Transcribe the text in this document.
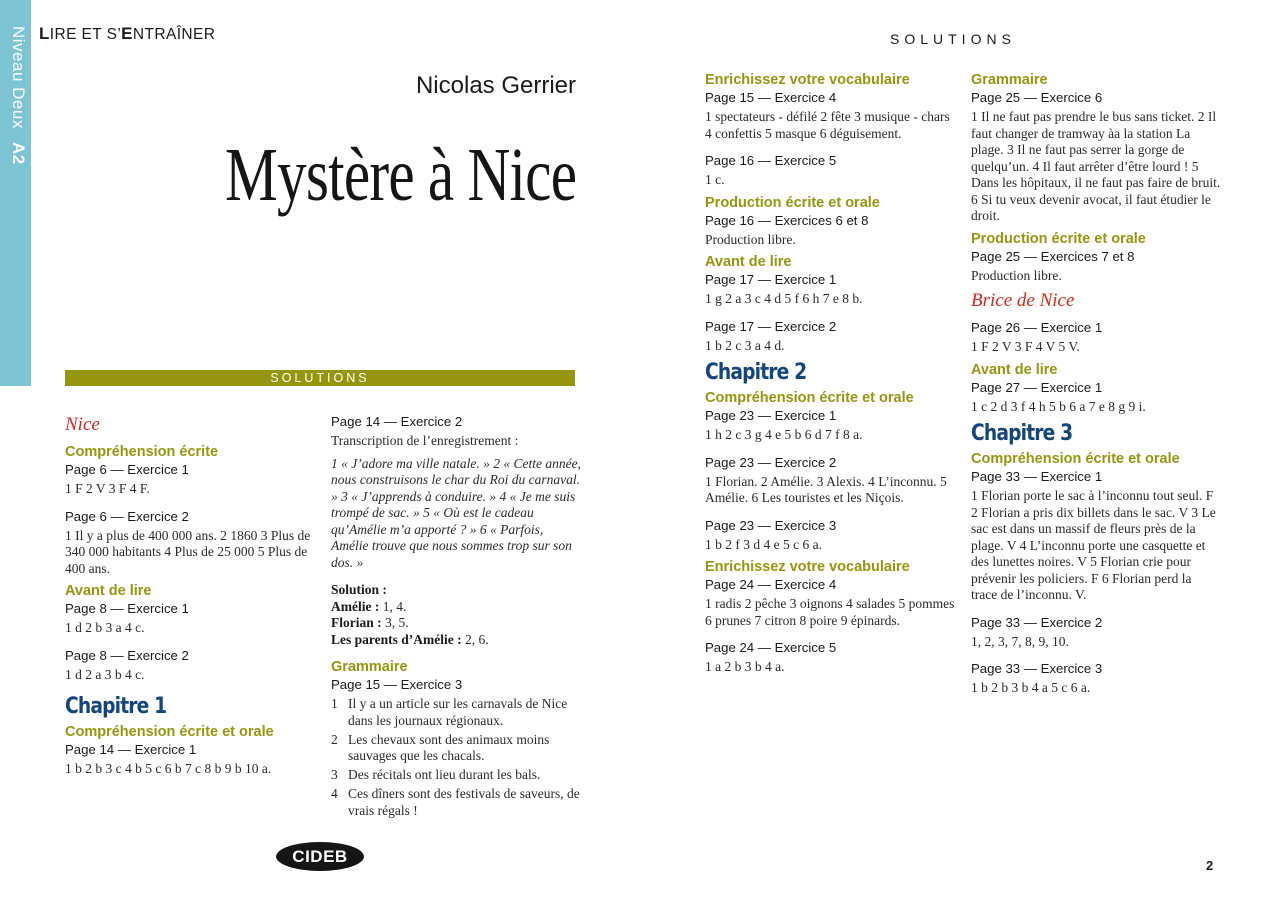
Niveau Deux A2
LIRE ET S’ENTRAÎNER
Nicolas Gerrier
Mystère à Nice
SOLUTIONS
SOLUTIONS
Nice
Compréhension écrite
Page 6 — Exercice 1
1 F 2 V 3 F 4 F.
Page 6 — Exercice 2
1 Il y a plus de 400 000 ans. 2 1860 3 Plus de 340 000 habitants 4 Plus de 25 000 5 Plus de 400 ans.
Avant de lire
Page 8 — Exercice 1
1 d 2 b 3 a 4 c.
Page 8 — Exercice 2
1 d 2 a 3 b 4 c.
Chapitre 1
Compréhension écrite et orale
Page 14 — Exercice 1
1 b 2 b 3 c 4 b 5 c 6 b 7 c 8 b 9 b 10 a.
Page 14 — Exercice 2
Transcription de l’enregistrement :
1 « J’adore ma ville natale. » 2 « Cette année, nous construisons le char du Roi du carnaval. » 3 « J’apprends à conduire. » 4 « Je me suis trompé de sac. » 5 « Où est le cadeau qu’Amélie m’a apporté ? » 6 « Parfois, Amélie trouve que nous sommes trop sur son dos. »
Solution :
Amélie : 1, 4.
Florian : 3, 5.
Les parents d’Amélie : 2, 6.
Grammaire
Page 15 — Exercice 3
1 Il y a un article sur les carnavals de Nice dans les journaux régionaux.
2 Les chevaux sont des animaux moins sauvages que les chacals.
3 Des récitals ont lieu durant les bals.
4 Ces dîners sont des festivals de saveurs, de vrais régals !
Enrichissez votre vocabulaire
Page 15 — Exercice 4
1 spectateurs - défilé 2 fête 3 musique - chars 4 confettis 5 masque 6 déguisement.
Page 16 — Exercice 5
1 c.
Production écrite et orale
Page 16 — Exercices 6 et 8
Production libre.
Avant de lire
Page 17 — Exercice 1
1 g 2 a 3 c 4 d 5 f 6 h 7 e 8 b.
Page 17 — Exercice 2
1 b 2 c 3 a 4 d.
Chapitre 2
Compréhension écrite et orale
Page 23 — Exercice 1
1 h 2 c 3 g 4 e 5 b 6 d 7 f 8 a.
Page 23 — Exercice 2
1 Florian. 2 Amélie. 3 Alexis. 4 L’inconnu. 5 Amélie. 6 Les touristes et les Niçois.
Page 23 — Exercice 3
1 b 2 f 3 d 4 e 5 c 6 a.
Enrichissez votre vocabulaire
Page 24 — Exercice 4
1 radis 2 pêche 3 oignons 4 salades 5 pommes 6 prunes 7 citron 8 poire 9 épinards.
Page 24 — Exercice 5
1 a 2 b 3 b 4 a.
Grammaire
Page 25 — Exercice 6
1 Il ne faut pas prendre le bus sans ticket. 2 Il faut changer de tramway àa la station La plage. 3 Il ne faut pas serrer la gorge de quelqu’un. 4 Il faut arrêter d’être lourd ! 5 Dans les hôpitaux, il ne faut pas faire de bruit. 6 Si tu veux devenir avocat, il faut étudier le droit.
Production écrite et orale
Page 25 — Exercices 7 et 8
Production libre.
Brice de Nice
Page 26 — Exercice 1
1 F 2 V 3 F 4 V 5 V.
Avant de lire
Page 27 — Exercice 1
1 c 2 d 3 f 4 h 5 b 6 a 7 e 8 g 9 i.
Chapitre 3
Compréhension écrite et orale
Page 33 — Exercice 1
1 Florian porte le sac à l’inconnu tout seul. F 2 Florian a pris dix billets dans le sac. V 3 Le sac est dans un massif de fleurs près de la plage. V 4 L’inconnu porte une casquette et des lunettes noires. V 5 Florian crie pour prévenir les policiers. F 6 Florian perd la trace de l’inconnu. V.
Page 33 — Exercice 2
1, 2, 3, 7, 8, 9, 10.
Page 33 — Exercice 3
1 b 2 b 3 b 4 a 5 c 6 a.
CIDEB	2
